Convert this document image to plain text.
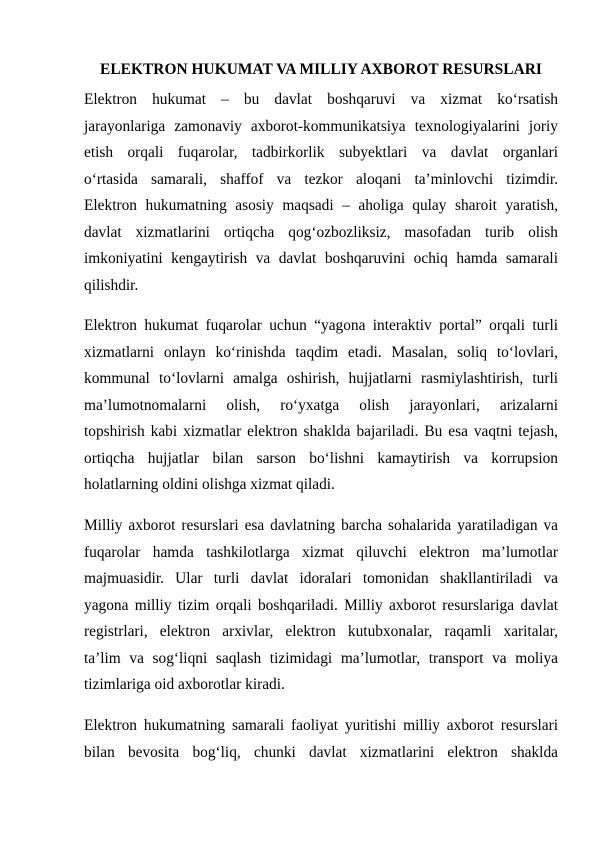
ELEKTRON HUKUMAT VA MILLIY AXBOROT RESURSLARI
Elektron hukumat – bu davlat boshqaruvi va xizmat ko‘rsatish
jarayonlariga zamonaviy axborot-kommunikatsiya texnologiyalarini joriy
etish orqali fuqarolar, tadbirkorlik subyektlari va davlat organlari
o‘rtasida samarali, shaffof va tezkor aloqani ta’minlovchi tizimdir.
Elektron hukumatning asosiy maqsadi – aholiga qulay sharoit yaratish,
davlat xizmatlarini ortiqcha qog‘ozbozliksiz, masofadan turib olish
imkoniyatini kengaytirish va davlat boshqaruvini ochiq hamda samarali
qilishdir.
Elektron hukumat fuqarolar uchun “yagona interaktiv portal” orqali turli
xizmatlarni onlayn ko‘rinishda taqdim etadi. Masalan, soliq to‘lovlari,
kommunal to‘lovlarni amalga oshirish, hujjatlarni rasmiylashtirish, turli
ma’lumotnomalarni olish, ro‘yxatga olish jarayonlari, arizalarni
topshirish kabi xizmatlar elektron shaklda bajariladi. Bu esa vaqtni tejash,
ortiqcha hujjatlar bilan sarson bo‘lishni kamaytirish va korrupsion
holatlarning oldini olishga xizmat qiladi.
Milliy axborot resurslari esa davlatning barcha sohalarida yaratiladigan va
fuqarolar hamda tashkilotlarga xizmat qiluvchi elektron ma’lumotlar
majmuasidir. Ular turli davlat idoralari tomonidan shakllantiriladi va
yagona milliy tizim orqali boshqariladi. Milliy axborot resurslariga davlat
registrlari, elektron arxivlar, elektron kutubxonalar, raqamli xaritalar,
ta’lim va sog‘liqni saqlash tizimidagi ma’lumotlar, transport va moliya
tizimlariga oid axborotlar kiradi.
Elektron hukumatning samarali faoliyat yuritishi milliy axborot resurslari
bilan bevosita bog‘liq, chunki davlat xizmatlarini elektron shaklda
